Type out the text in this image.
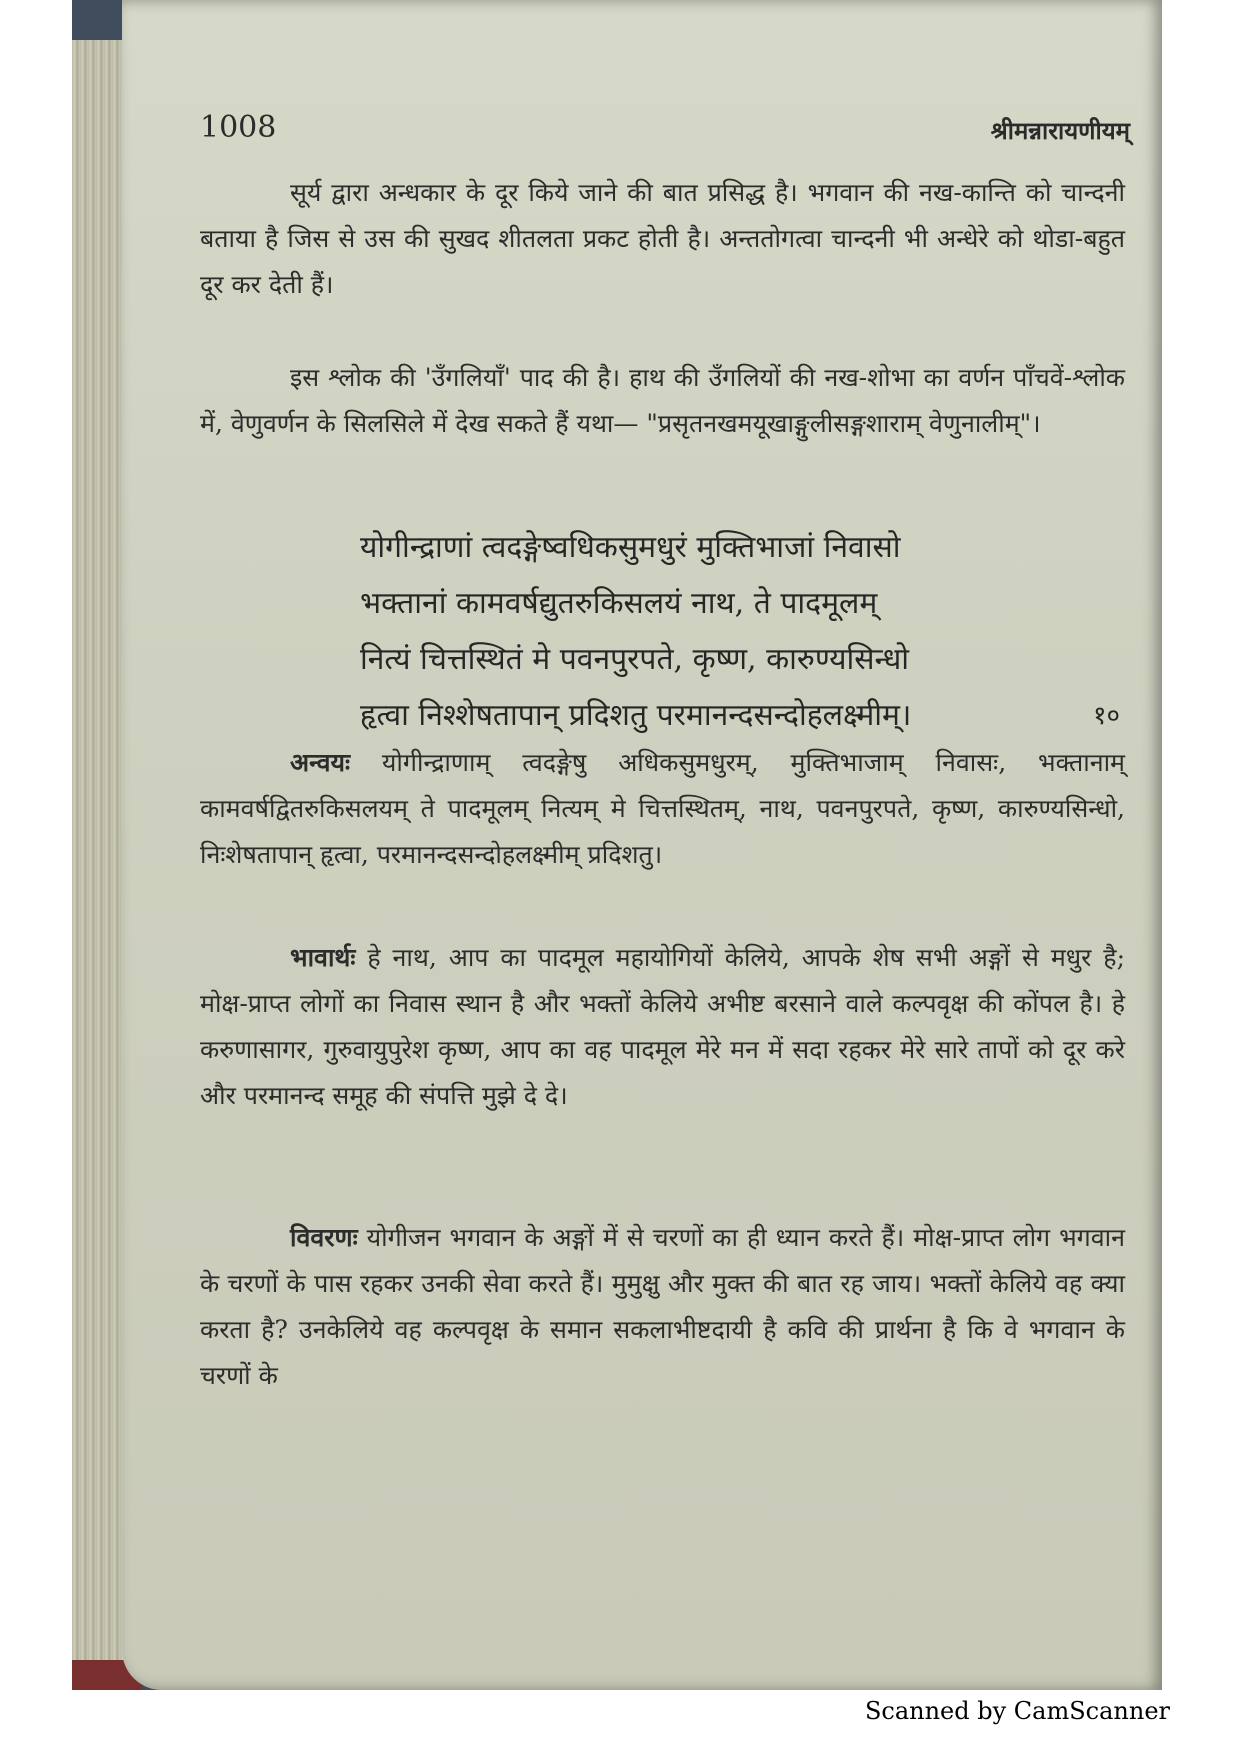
1008	श्रीमन्नारायणीयम्
सूर्य द्वारा अन्धकार के दूर किये जाने की बात प्रसिद्ध है। भगवान की नख-कान्ति को चान्दनी बताया है जिस से उस की सुखद शीतलता प्रकट होती है। अन्ततोगत्वा चान्दनी भी अन्धेरे को थोडा-बहुत दूर कर देती हैं।
इस श्लोक की 'उँगलियाँ' पाद की है। हाथ की उँगलियों की नख-शोभा का वर्णन पाँचवें-श्लोक में, वेणुवर्णन के सिलसिले में देख सकते हैं यथा— "प्रसृतनखमयूखाङ्गुलीसङ्गशाराम् वेणुनालीम्"।
योगीन्द्राणां त्वदङ्गेष्वधिकसुमधुरं मुक्तिभाजां निवासो
भक्तानां कामवर्षद्युतरुकिसलयं नाथ, ते पादमूलम्
नित्यं चित्तस्थितं मे पवनपुरपते, कृष्ण, कारुण्यसिन्धो
हृत्वा निश्शेषतापान् प्रदिशतु परमानन्दसन्दोहलक्ष्मीम्।	१०
अन्वयः योगीन्द्राणाम् त्वदङ्गेषु अधिकसुमधुरम्, मुक्तिभाजाम् निवासः, भक्तानाम् कामवर्षद्वितरुकिसलयम् ते पादमूलम् नित्यम् मे चित्तस्थितम्, नाथ, पवनपुरपते, कृष्ण, कारुण्यसिन्धो, निःशेषतापान् हृत्वा, परमानन्दसन्दोहलक्ष्मीम् प्रदिशतु।
भावार्थः हे नाथ, आप का पादमूल महायोगियों केलिये, आपके शेष सभी अङ्गों से मधुर है; मोक्ष-प्राप्त लोगों का निवास स्थान है और भक्तों केलिये अभीष्ट बरसाने वाले कल्पवृक्ष की कोंपल है। हे करुणासागर, गुरुवायुपुरेश कृष्ण, आप का वह पादमूल मेरे मन में सदा रहकर मेरे सारे तापों को दूर करे और परमानन्द समूह की संपत्ति मुझे दे दे।
विवरणः योगीजन भगवान के अङ्गों में से चरणों का ही ध्यान करते हैं। मोक्ष-प्राप्त लोग भगवान के चरणों के पास रहकर उनकी सेवा करते हैं। मुमुक्षु और मुक्त की बात रह जाय। भक्तों केलिये वह क्या करता है? उनकेलिये वह कल्पवृक्ष के समान सकलाभीष्टदायी है कवि की प्रार्थना है कि वे भगवान के चरणों के
Scanned by CamScanner
